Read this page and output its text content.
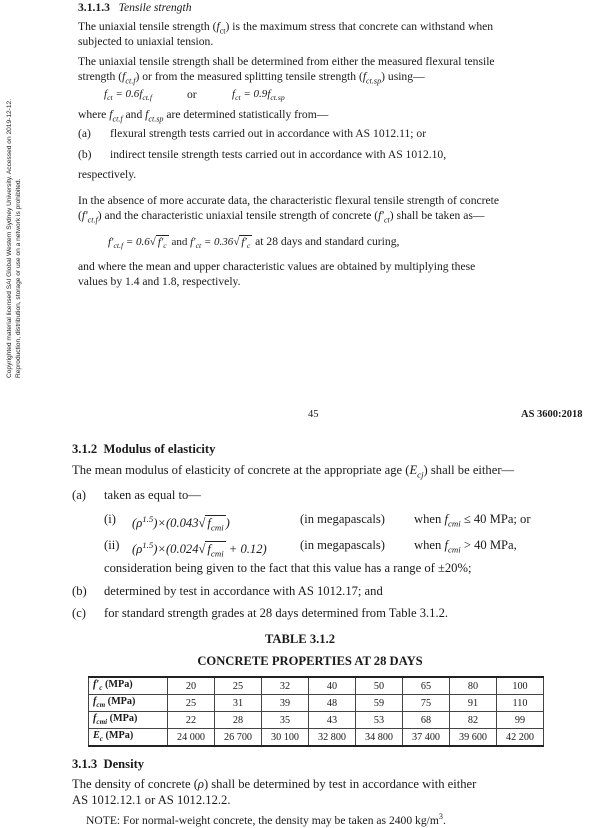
Copyrighted material licensed SAI Global Western Sydney University. Accessed on 2019-12-12. Reproduction, distribution, storage or use on a network is prohibited.
3.1.1.3 Tensile strength
The uniaxial tensile strength $(f_{ct})$ is the maximum stress that concrete can withstand when
subjected to uniaxial tension.
The uniaxial tensile strength shall be determined from either the measured flexural tensile
strength $(f_{ct.f})$ or from the measured splitting tensile strength $(f_{ct.sp})$ using—
$f_{ct} = 0.6f_{ct.f}$	or	$f_{ct} = 0.9f_{ct.sp}$
where $f_{ct.f}$ and $f_{ct.sp}$ are determined statistically from—
(a) flexural strength tests carried out in accordance with AS 1012.11; or
(b) indirect tensile strength tests carried out in accordance with AS 1012.10,
respectively.
In the absence of more accurate data, the characteristic flexural tensile strength of concrete
$(f'_{ct.f})$ and the characteristic uniaxial tensile strength of concrete $(f'_{ct})$ shall be taken as—
$f'_{ct.f} = 0.6√$ $f'_c$ and $f'_{ct} = 0.36√$ $f'_c$ at 28 days and standard curing,
and where the mean and upper characteristic values are obtained by multiplying these
values by 1.4 and 1.8, respectively.
45	AS 3600:2018
3.1.2 Modulus of elasticity
The mean modulus of elasticity of concrete at the appropriate age $(E_{cj})$ shall be either—
(a) taken as equal to—
(i) $(\rho^{1.5})\times(0.043√$ $f_{cmi}$ )	(in megapascals) when $f_{cmi} \le 40$ MPa; or
(ii) $(\rho^{1.5})\times(0.024√$ $f_{cmi} + 0.12$)	(in megapascals) when $f_{cmi} > 40$ MPa,
consideration being given to the fact that this value has a range of ±20%;
(b) determined by test in accordance with AS 1012.17; and
(c) for standard strength grades at 28 days determined from Table 3.1.2.
TABLE 3.1.2
CONCRETE PROPERTIES AT 28 DAYS
$f'_c$ (MPa)	20	25	32	40	50	65	80	100
$f_{cm}$ (MPa)	25	31	39	48	59	75	91	110
$f_{cmi}$ (MPa)	22	28	35	43	53	68	82	99
$E_c$ (MPa)	24 000	26 700	30 100	32 800	34 800	37 400	39 600	42 200
3.1.3 Density
The density of concrete (ρ) shall be determined by test in accordance with either
AS 1012.12.1 or AS 1012.12.2.
NOTE: For normal-weight concrete, the density may be taken as 2400 $kg/m^3$.
